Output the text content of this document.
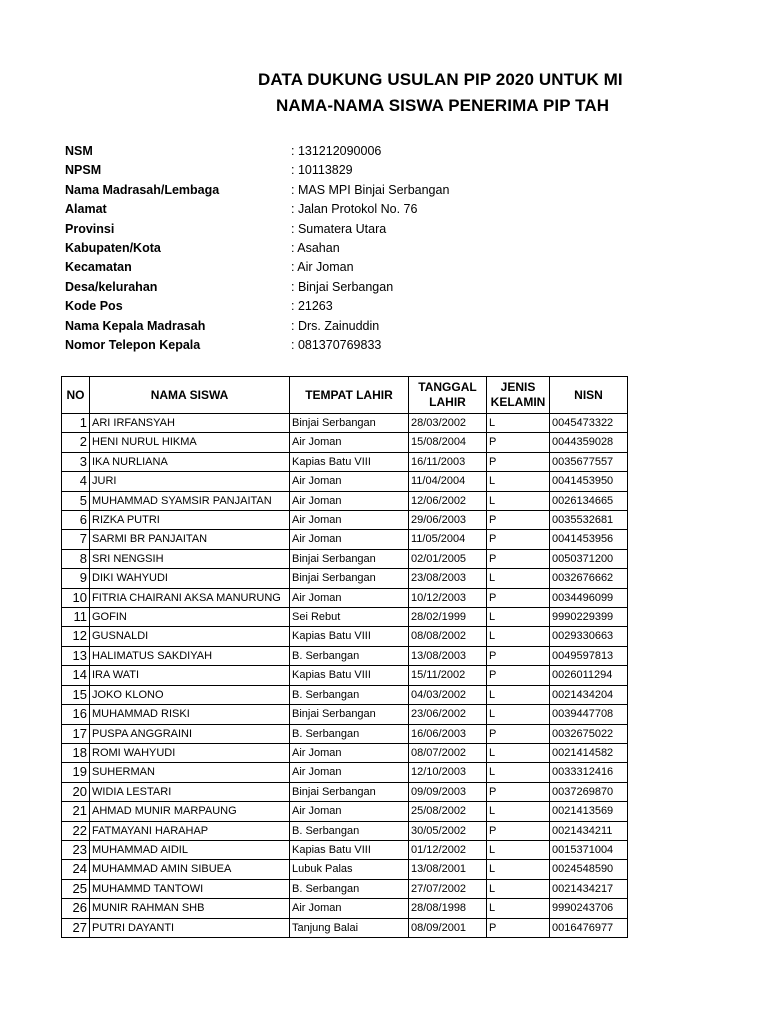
DATA DUKUNG USULAN PIP 2020 UNTUK MI
NAMA-NAMA SISWA PENERIMA PIP TAH
NSM	: 131212090006
NPSM	: 10113829
Nama Madrasah/Lembaga	: MAS MPI Binjai Serbangan
Alamat	: Jalan Protokol No. 76
Provinsi	: Sumatera Utara
Kabupaten/Kota	: Asahan
Kecamatan	: Air Joman
Desa/kelurahan	: Binjai Serbangan
Kode Pos	: 21263
Nama Kepala Madrasah	: Drs. Zainuddin
Nomor Telepon Kepala	: 081370769833
NO	NAMA SISWA	TEMPAT LAHIR	TANGGAL LAHIR	JENIS KELAMIN	NISN
1	ARI IRFANSYAH	Binjai Serbangan	28/03/2002	L	0045473322
2	HENI NURUL HIKMA	Air Joman	15/08/2004	P	0044359028
3	IKA NURLIANA	Kapias Batu VIII	16/11/2003	P	0035677557
4	JURI	Air Joman	11/04/2004	L	0041453950
5	MUHAMMAD SYAMSIR PANJAITAN	Air Joman	12/06/2002	L	0026134665
6	RIZKA PUTRI	Air Joman	29/06/2003	P	0035532681
7	SARMI BR PANJAITAN	Air Joman	11/05/2004	P	0041453956
8	SRI NENGSIH	Binjai Serbangan	02/01/2005	P	0050371200
9	DIKI WAHYUDI	Binjai Serbangan	23/08/2003	L	0032676662
10	FITRIA CHAIRANI AKSA MANURUNG	Air Joman	10/12/2003	P	0034496099
11	GOFIN	Sei Rebut	28/02/1999	L	9990229399
12	GUSNALDI	Kapias Batu VIII	08/08/2002	L	0029330663
13	HALIMATUS SAKDIYAH	B. Serbangan	13/08/2003	P	0049597813
14	IRA WATI	Kapias Batu VIII	15/11/2002	P	0026011294
15	JOKO KLONO	B. Serbangan	04/03/2002	L	0021434204
16	MUHAMMAD RISKI	Binjai Serbangan	23/06/2002	L	0039447708
17	PUSPA ANGGRAINI	B. Serbangan	16/06/2003	P	0032675022
18	ROMI WAHYUDI	Air Joman	08/07/2002	L	0021414582
19	SUHERMAN	Air Joman	12/10/2003	L	0033312416
20	WIDIA LESTARI	Binjai Serbangan	09/09/2003	P	0037269870
21	AHMAD MUNIR MARPAUNG	Air Joman	25/08/2002	L	0021413569
22	FATMAYANI HARAHAP	B. Serbangan	30/05/2002	P	0021434211
23	MUHAMMAD AIDIL	Kapias Batu VIII	01/12/2002	L	0015371004
24	MUHAMMAD AMIN SIBUEA	Lubuk Palas	13/08/2001	L	0024548590
25	MUHAMMD TANTOWI	B. Serbangan	27/07/2002	L	0021434217
26	MUNIR RAHMAN SHB	Air Joman	28/08/1998	L	9990243706
27	PUTRI DAYANTI	Tanjung Balai	08/09/2001	P	0016476977
